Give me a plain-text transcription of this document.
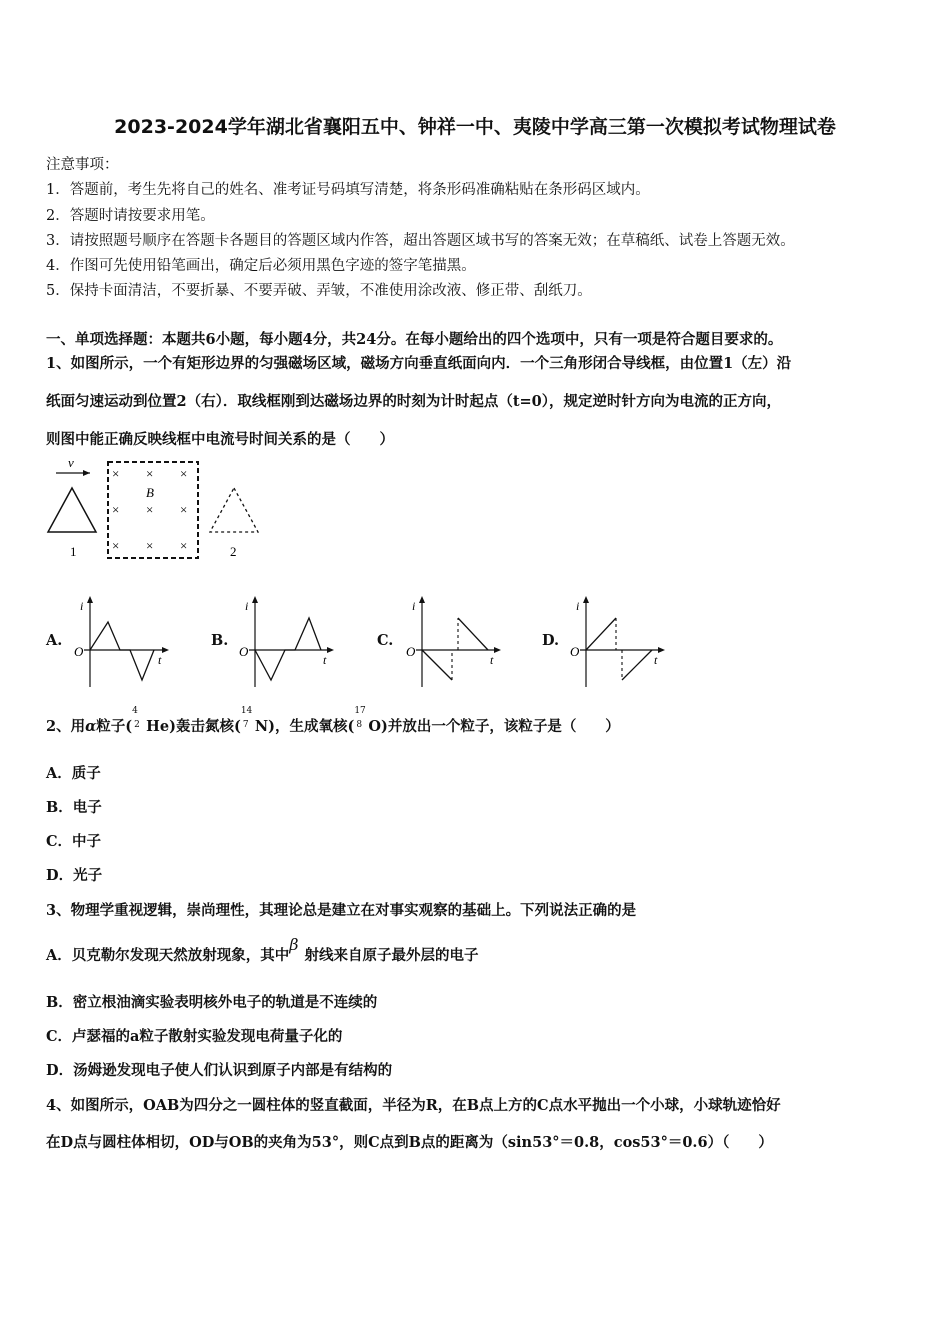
2023-2024学年湖北省襄阳五中、钟祥一中、夷陵中学高三第一次模拟考试物理试卷
注意事项：
1．答题前，考生先将自己的姓名、准考证号码填写清楚，将条形码准确粘贴在条形码区域内。
2．答题时请按要求用笔。
3．请按照题号顺序在答题卡各题目的答题区域内作答，超出答题区域书写的答案无效；在草稿纸、试卷上答题无效。
4．作图可先使用铅笔画出，确定后必须用黑色字迹的签字笔描黑。
5．保持卡面清洁，不要折暴、不要弄破、弄皱，不准使用涂改液、修正带、刮纸刀。
一、单项选择题：本题共6小题，每小题4分，共24分。在每小题给出的四个选项中，只有一项是符合题目要求的。
1、如图所示，一个有矩形边界的匀强磁场区域，磁场方向垂直纸面向内．一个三角形闭合导线框，由位置1（左）沿
纸面匀速运动到位置2（右）．取线框刚到达磁场边界的时刻为计时起点（t=0），规定逆时针方向为电流的正方向，
则图中能正确反映线框中电流号时间关系的是（　　）
v
1
× × ×
× × ×
× × ×
B
2
A.
i
O
t
B.
i
O
t
C.
i
O
t
D.
i
O
t
2、用α粒子(
4
2 He)轰击氮核(
14
7 N)，生成氧核(
17
8 O)并放出一个粒子，该粒子是（　　）
A．质子
B．电子
C．中子
D．光子
3、物理学重视逻辑，崇尚理性，其理论总是建立在对事实观察的基础上。下列说法正确的是
A．贝克勒尔发现天然放射现象，其中β射线来自原子最外层的电子
B．密立根油滴实验表明核外电子的轨道是不连续的
C．卢瑟福的a粒子散射实验发现电荷量子化的
D．汤姆逊发现电子使人们认识到原子内部是有结构的
4、如图所示，OAB为四分之一圆柱体的竖直截面，半径为R，在B点上方的C点水平抛出一个小球，小球轨迹恰好
在D点与圆柱体相切，OD与OB的夹角为53°，则C点到B点的距离为（sin53°＝0.8，cos53°＝0.6）（　　）
